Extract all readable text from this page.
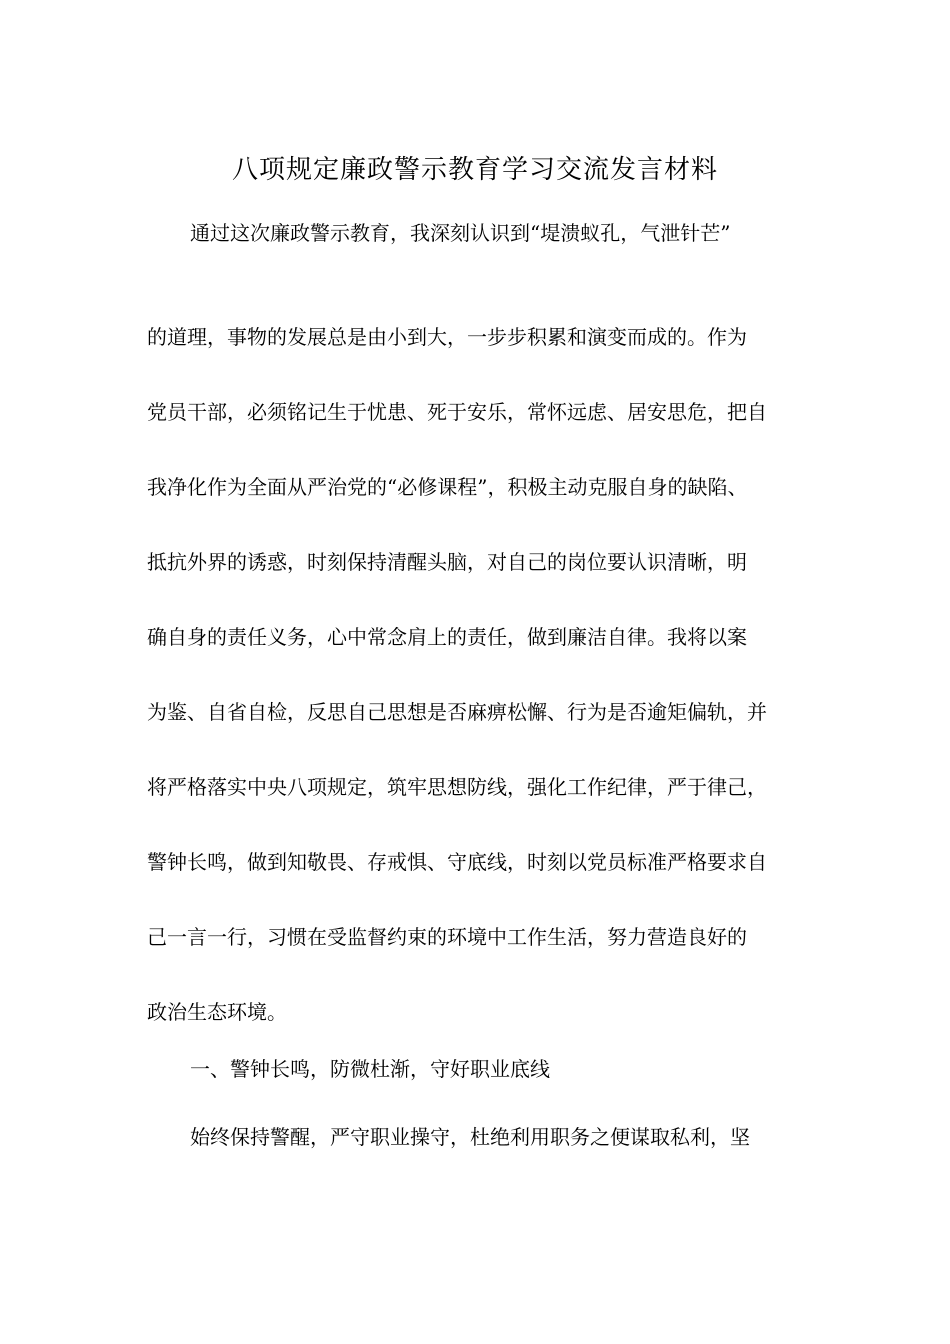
八项规定廉政警示教育学习交流发言材料
通过这次廉政警示教育，我深刻认识到“堤溃蚁孔，气泄针芒”
的道理，事物的发展总是由小到大，一步步积累和演变而成的。作为
党员干部，必须铭记生于忧患、死于安乐，常怀远虑、居安思危，把自
我净化作为全面从严治党的“必修课程”，积极主动克服自身的缺陷、
抵抗外界的诱惑，时刻保持清醒头脑，对自己的岗位要认识清晰，明
确自身的责任义务，心中常念肩上的责任，做到廉洁自律。我将以案
为鉴、自省自检，反思自己思想是否麻痹松懈、行为是否逾矩偏轨，并
将严格落实中央八项规定，筑牢思想防线，强化工作纪律，严于律己，
警钟长鸣，做到知敬畏、存戒惧、守底线，时刻以党员标准严格要求自
己一言一行，习惯在受监督约束的环境中工作生活，努力营造良好的
政治生态环境。
一、警钟长鸣，防微杜渐，守好职业底线
始终保持警醒，严守职业操守，杜绝利用职务之便谋取私利，坚
